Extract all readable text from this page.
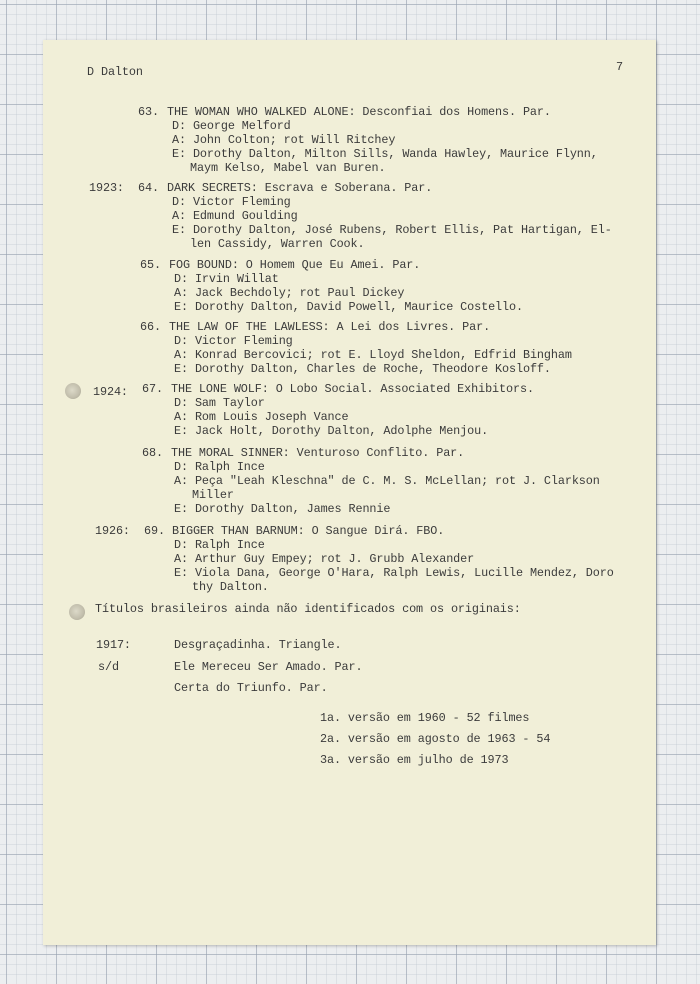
D Dalton	7
63. THE WOMAN WHO WALKED ALONE: Desconfiai dos Homens. Par.
D: George Melford
A: John Colton; rot Will Ritchey
E: Dorothy Dalton, Milton Sills, Wanda Hawley, Maurice Flynn,
Maym Kelso, Mabel van Buren.
1923: 64. DARK SECRETS: Escrava e Soberana. Par.
D: Victor Fleming
A: Edmund Goulding
E: Dorothy Dalton, José Rubens, Robert Ellis, Pat Hartigan, El-
len Cassidy, Warren Cook.
65. FOG BOUND: O Homem Que Eu Amei. Par.
D: Irvin Willat
A: Jack Bechdoly; rot Paul Dickey
E: Dorothy Dalton, David Powell, Maurice Costello.
66. THE LAW OF THE LAWLESS: A Lei dos Livres. Par.
D: Victor Fleming
A: Konrad Bercovici; rot E. Lloyd Sheldon, Edfrid Bingham
E: Dorothy Dalton, Charles de Roche, Theodore Kosloff.
1924: 67. THE LONE WOLF: O Lobo Social. Associated Exhibitors.
D: Sam Taylor
A: Rom Louis Joseph Vance
E: Jack Holt, Dorothy Dalton, Adolphe Menjou.
68. THE MORAL SINNER: Venturoso Conflito. Par.
D: Ralph Ince
A: Peça "Leah Kleschna" de C. M. S. McLellan; rot J. Clarkson
Miller
E: Dorothy Dalton, James Rennie
1926: 69. BIGGER THAN BARNUM: O Sangue Dirá. FBO.
D: Ralph Ince
A: Arthur Guy Empey; rot J. Grubb Alexander
E: Viola Dana, George O'Hara, Ralph Lewis, Lucille Mendez, Doro
thy Dalton.
Títulos brasileiros ainda não identificados com os originais:
1917:	Desgraçadinha. Triangle.
s/d	Ele Mereceu Ser Amado. Par.
Certa do Triunfo. Par.
1a. versão em 1960 - 52 filmes
2a. versão em agosto de 1963 - 54
3a. versão em julho de 1973
